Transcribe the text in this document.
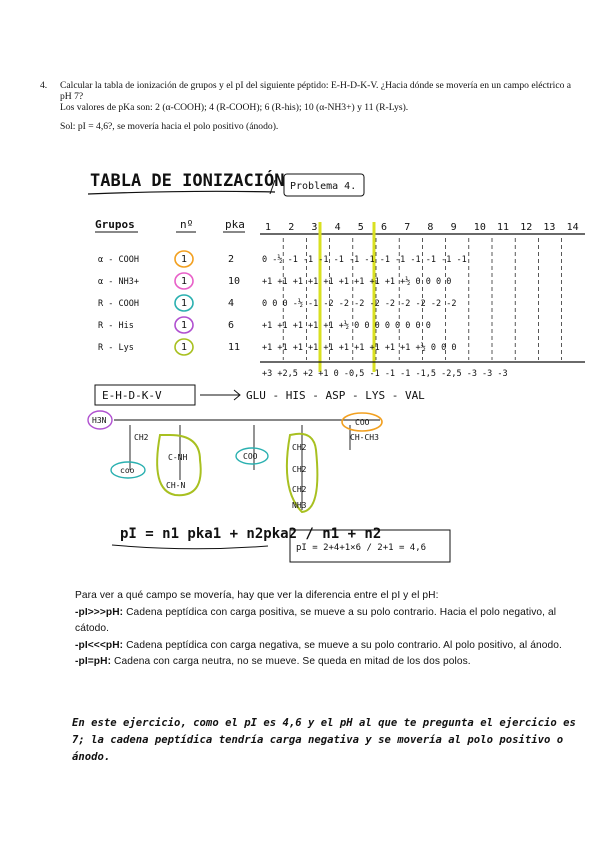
4. Calcular la tabla de ionización de grupos y el pI del siguiente péptido: E-H-D-K-V. ¿Hacia dónde se movería en un campo eléctrico a pH 7?

Los valores de pKa son: 2 (α-COOH); 4 (R-COOH); 6 (R-his); 10 (α-NH3+) y 11 (R-Lys).

Sol: pI = 4,6?, se movería hacia el polo positivo (ánodo).

TABLA DE IONIZACIÓN Problema 4.
Grupos	nº	pka 1 2 3 4 5 6 7 8 9 10 11 12 13 14
α - COOH	1	2	0 -½ -1 -1 -1 -1 -1 -1 -1 -1 -1 -1 -1 -1
α - NH3+	1	10	+1 +1 +1 +1 +1 +1 +1 +1 +1 +½ 0 0 0 0
R - COOH	1	4	0 0 0 -½ -1 -2 -2 -2 -2 -2 -2 -2 -2 -2
R - His	1	6	+1 +1 +1 +1 +1 +½ 0 0 0 0 0 0 0 0
R - Lys	1	11	+1 +1 +1 +1 +1 +1 +1 +1 +1 +1 +½ 0 0 0
+3 +2,5 +2 +1 0 -0,5 -1 -1 -1 -1,5 -2,5 -3 -3 -3
E-H-D-K-V	GLU - HIS - ASP - LYS - VAL
H3N	COO
coo
COO
CH2
C-NH
CH-N
CH2
CH2
CH2
NH3
CH-CH3
pI = n1 pka1 + n2pka2 / n1 + n2
pI = 2+4+1×6 / 2+1 = 4,6

Para ver a qué campo se movería, hay que ver la diferencia entre el pI y el pH:

-pI>>>pH: Cadena peptídica con carga positiva, se mueve a su polo contrario. Hacia el polo negativo, al cátodo.

-pI<<<pH: Cadena peptídica con carga negativa, se mueve a su polo contrario. Al polo positivo, al ánodo.

-pI=pH: Cadena con carga neutra, no se mueve. Se queda en mitad de los dos polos.

En este ejercicio, como el pI es 4,6 y el pH al que te pregunta el ejercicio es 7; la cadena peptídica tendría carga negativa y se movería al polo positivo o ánodo.
